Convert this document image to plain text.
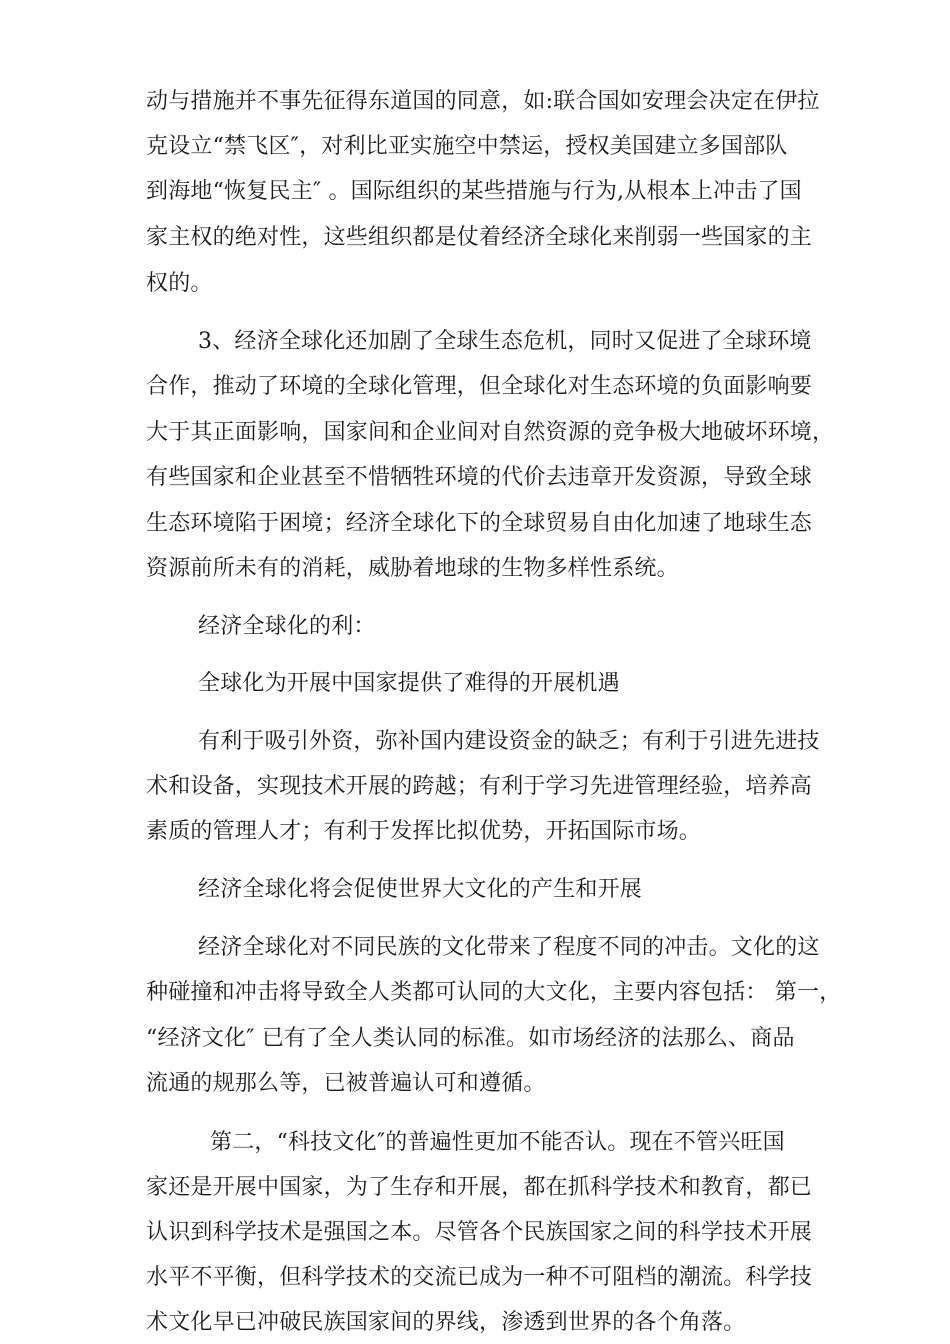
动与措施并不事先征得东道国的同意，如:联合国如安理会决定在伊拉
克设立“禁飞区″，对利比亚实施空中禁运，授权美国建立多国部队
到海地“恢复民主″ 。国际组织的某些措施与行为,从根本上冲击了国
家主权的绝对性，这些组织都是仗着经济全球化来削弱一些国家的主
权的。
3、经济全球化还加剧了全球生态危机，同时又促进了全球环境
合作，推动了环境的全球化管理，但全球化对生态环境的负面影响要
大于其正面影响，国家间和企业间对自然资源的竞争极大地破坏环境，
有些国家和企业甚至不惜牺牲环境的代价去违章开发资源，导致全球
生态环境陷于困境；经济全球化下的全球贸易自由化加速了地球生态
资源前所未有的消耗，威胁着地球的生物多样性系统。
经济全球化的利：
全球化为开展中国家提供了难得的开展机遇
有利于吸引外资，弥补国内建设资金的缺乏；有利于引进先进技
术和设备，实现技术开展的跨越；有利于学习先进管理经验，培养高
素质的管理人才；有利于发挥比拟优势，开拓国际市场。
经济全球化将会促使世界大文化的产生和开展
经济全球化对不同民族的文化带来了程度不同的冲击。文化的这
种碰撞和冲击将导致全人类都可认同的大文化，主要内容包括： 第一，
“经济文化″ 已有了全人类认同的标准。如市场经济的法那么、商品
流通的规那么等，已被普遍认可和遵循。
第二，“科技文化″的普遍性更加不能否认。现在不管兴旺国
家还是开展中国家，为了生存和开展，都在抓科学技术和教育，都已
认识到科学技术是强国之本。尽管各个民族国家之间的科学技术开展
水平不平衡，但科学技术的交流已成为一种不可阻档的潮流。科学技
术文化早已冲破民族国家间的界线，渗透到世界的各个角落。
